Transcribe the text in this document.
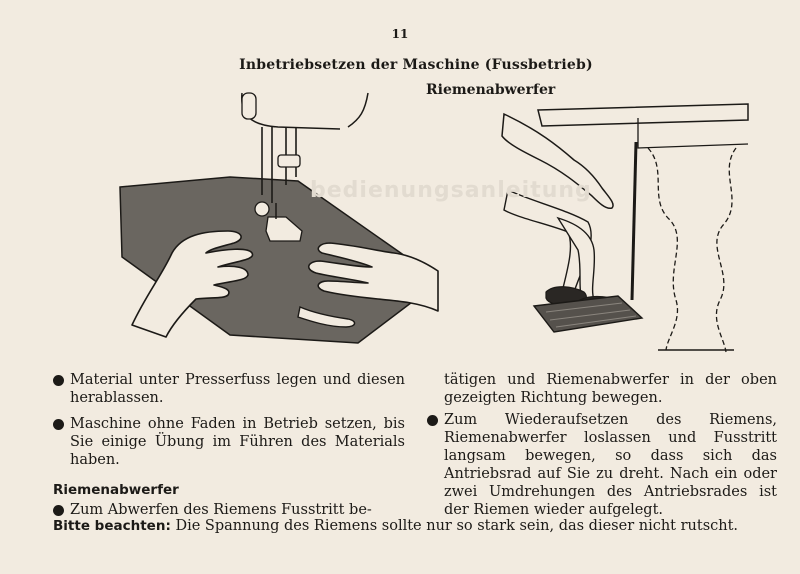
11
Inbetriebsetzen der Maschine (Fussbetrieb)
Riemenabwerfer
bedienungsanleitung

Material unter Presserfuss legen und diesen herablassen.

Maschine ohne Faden in Betrieb setzen, bis Sie einige Übung im Führen des Materials haben.

Riemenabwerfer

Zum Abwerfen des Riemens Fusstritt be-

tätigen und Riemenabwerfer in der oben gezeigten Richtung bewegen.

Zum Wiederaufsetzen des Riemens, Riemenabwerfer loslassen und Fusstritt langsam bewegen, so dass sich das Antriebsrad auf Sie zu dreht. Nach ein oder zwei Umdrehungen des Antriebsrades ist der Riemen wieder aufgelegt.

Bitte beachten: Die Spannung des Riemens sollte nur so stark sein, das dieser nicht rutscht.
